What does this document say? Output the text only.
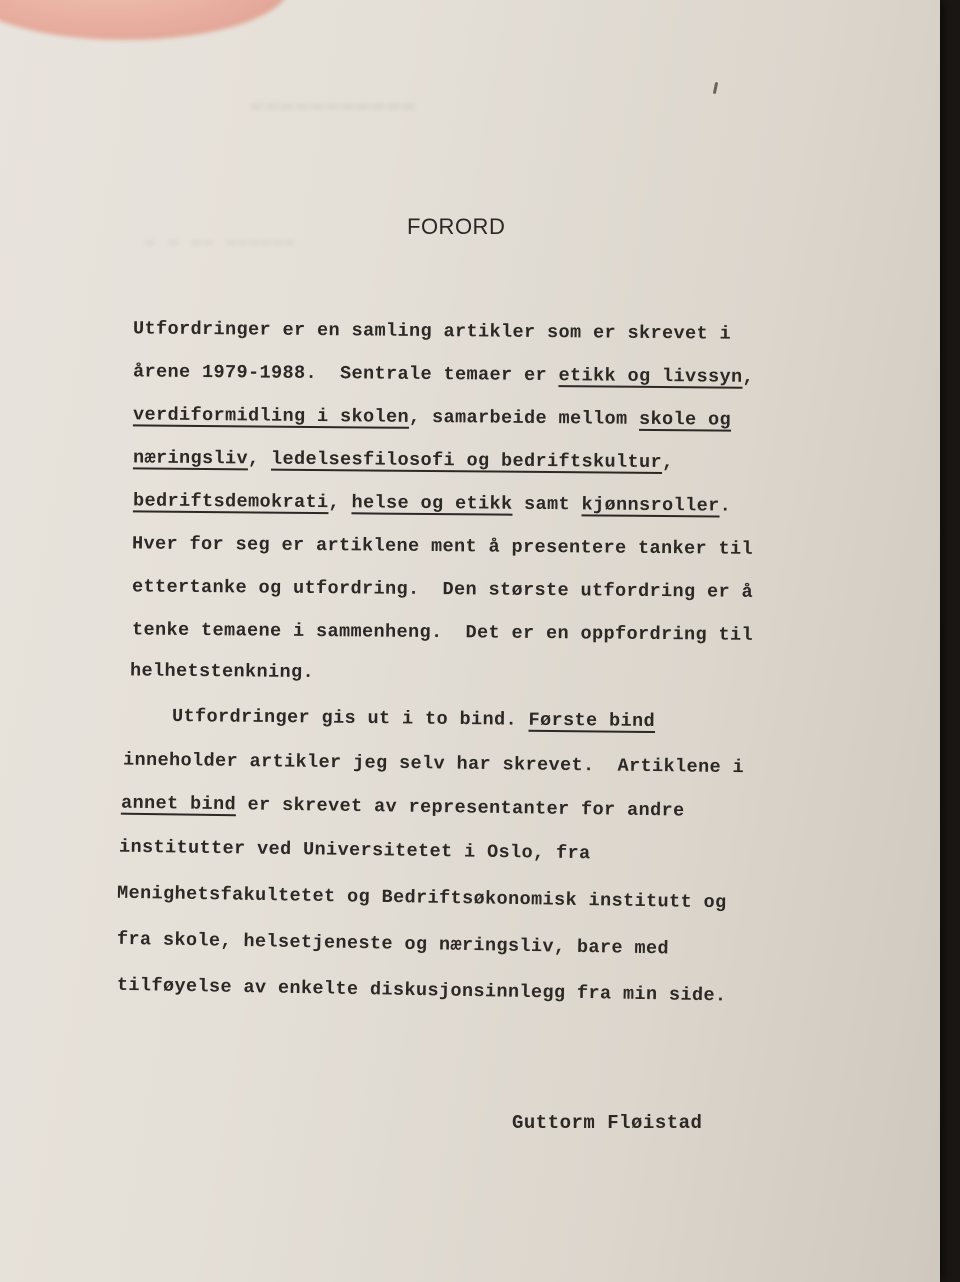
▬▬▬▬▬▬▬▬▬▬▬
▬ ▬ ▬▬ ▬▬▬▬▬▬
FORORD

Utfordringer er en samling artikler som er skrevet i

årene 1979-1988.  Sentrale temaer er etikk og livssyn,

verdiformidling i skolen, samarbeide mellom skole og

næringsliv, ledelsesfilosofi og bedriftskultur,

bedriftsdemokrati, helse og etikk samt kjønnsroller.

Hver for seg er artiklene ment å presentere tanker til

ettertanke og utfordring.  Den største utfordring er å

tenke temaene i sammenheng.  Det er en oppfordring til

helhetstenkning.

Utfordringer gis ut i to bind. Første bind

inneholder artikler jeg selv har skrevet.  Artiklene i

annet bind er skrevet av representanter for andre

institutter ved Universitetet i Oslo, fra

Menighetsfakultetet og Bedriftsøkonomisk institutt og

fra skole, helsetjeneste og næringsliv, bare med

tilføyelse av enkelte diskusjonsinnlegg fra min side.

Guttorm Fløistad
